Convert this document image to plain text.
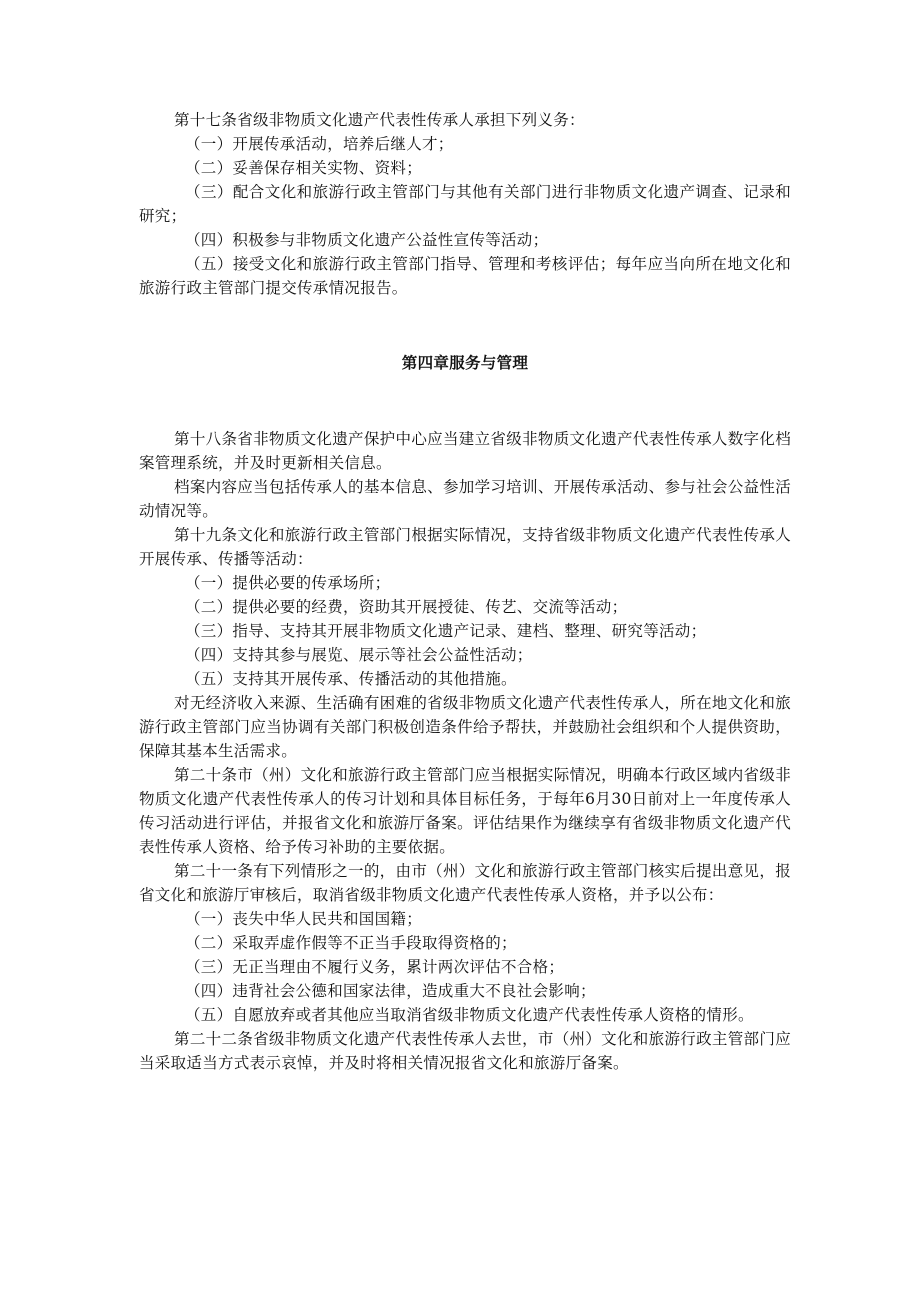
第十七条省级非物质文化遗产代表性传承人承担下列义务：

（一）开展传承活动，培养后继人才；

（二）妥善保存相关实物、资料；

（三）配合文化和旅游行政主管部门与其他有关部门进行非物质文化遗产调查、记录和研究；

（四）积极参与非物质文化遗产公益性宣传等活动；

（五）接受文化和旅游行政主管部门指导、管理和考核评估；每年应当向所在地文化和旅游行政主管部门提交传承情况报告。

第四章服务与管理

第十八条省非物质文化遗产保护中心应当建立省级非物质文化遗产代表性传承人数字化档案管理系统，并及时更新相关信息。

档案内容应当包括传承人的基本信息、参加学习培训、开展传承活动、参与社会公益性活动情况等。

第十九条文化和旅游行政主管部门根据实际情况，支持省级非物质文化遗产代表性传承人开展传承、传播等活动：

（一）提供必要的传承场所；

（二）提供必要的经费，资助其开展授徒、传艺、交流等活动；

（三）指导、支持其开展非物质文化遗产记录、建档、整理、研究等活动；

（四）支持其参与展览、展示等社会公益性活动；

（五）支持其开展传承、传播活动的其他措施。

对无经济收入来源、生活确有困难的省级非物质文化遗产代表性传承人，所在地文化和旅游行政主管部门应当协调有关部门积极创造条件给予帮扶，并鼓励社会组织和个人提供资助，保障其基本生活需求。

第二十条市（州）文化和旅游行政主管部门应当根据实际情况，明确本行政区域内省级非物质文化遗产代表性传承人的传习计划和具体目标任务，于每年6月30日前对上一年度传承人传习活动进行评估，并报省文化和旅游厅备案。评估结果作为继续享有省级非物质文化遗产代表性传承人资格、给予传习补助的主要依据。

第二十一条有下列情形之一的，由市（州）文化和旅游行政主管部门核实后提出意见，报省文化和旅游厅审核后，取消省级非物质文化遗产代表性传承人资格，并予以公布：

（一）丧失中华人民共和国国籍；

（二）采取弄虚作假等不正当手段取得资格的；

（三）无正当理由不履行义务，累计两次评估不合格；

（四）违背社会公德和国家法律，造成重大不良社会影响；

（五）自愿放弃或者其他应当取消省级非物质文化遗产代表性传承人资格的情形。

第二十二条省级非物质文化遗产代表性传承人去世，市（州）文化和旅游行政主管部门应当采取适当方式表示哀悼，并及时将相关情况报省文化和旅游厅备案。
